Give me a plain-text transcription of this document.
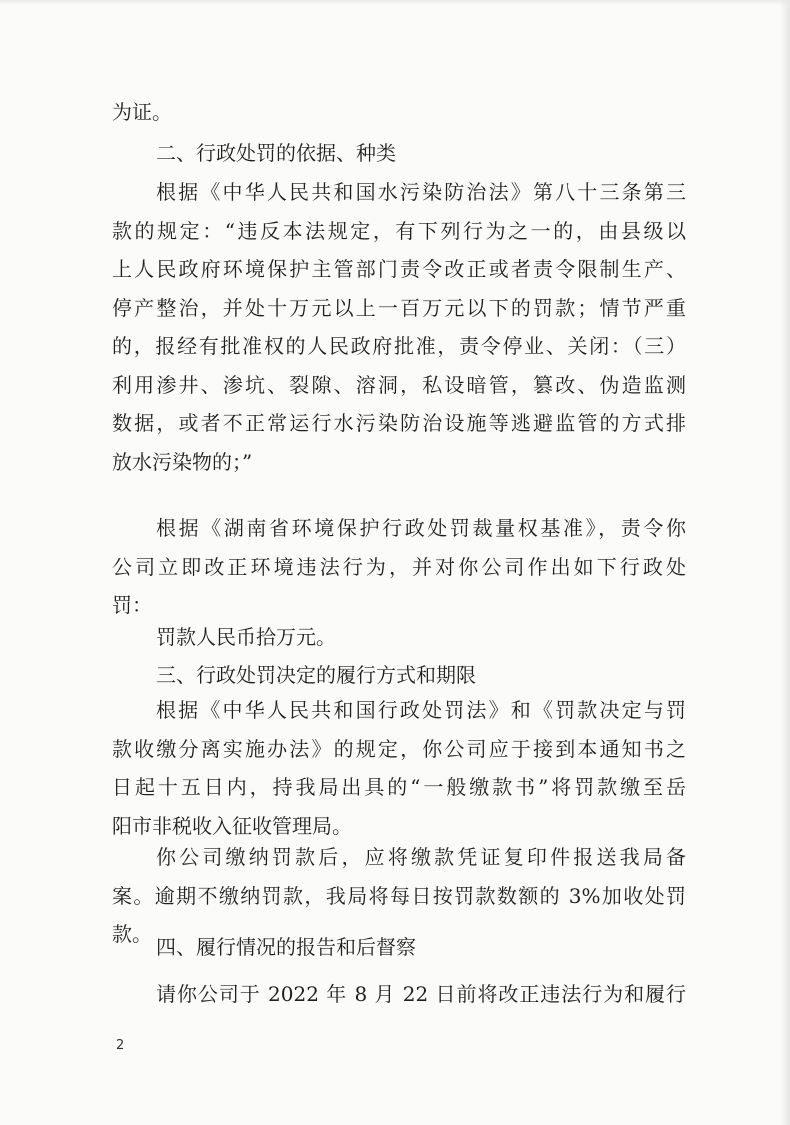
为证。
二、行政处罚的依据、种类
根据《中华人民共和国水污染防治法》第八十三条第三
款的规定：“违反本法规定，有下列行为之一的，由县级以
上人民政府环境保护主管部门责令改正或者责令限制生产、
停产整治，并处十万元以上一百万元以下的罚款；情节严重
的，报经有批准权的人民政府批准，责令停业、关闭：（三）
利用渗井、渗坑、裂隙、溶洞，私设暗管，篡改、伪造监测
数据，或者不正常运行水污染防治设施等逃避监管的方式排
放水污染物的；”
根据《湖南省环境保护行政处罚裁量权基准》，责令你
公司立即改正环境违法行为，并对你公司作出如下行政处
罚：
罚款人民币拾万元。
三、行政处罚决定的履行方式和期限
根据《中华人民共和国行政处罚法》和《罚款决定与罚
款收缴分离实施办法》的规定，你公司应于接到本通知书之
日起十五日内，持我局出具的“一般缴款书”将罚款缴至岳
阳市非税收入征收管理局。
你公司缴纳罚款后，应将缴款凭证复印件报送我局备
案。逾期不缴纳罚款，我局将每日按罚款数额的 3%加收处罚
款。
四、履行情况的报告和后督察
请你公司于 2022 年 8 月 22 日前将改正违法行为和履行
2
